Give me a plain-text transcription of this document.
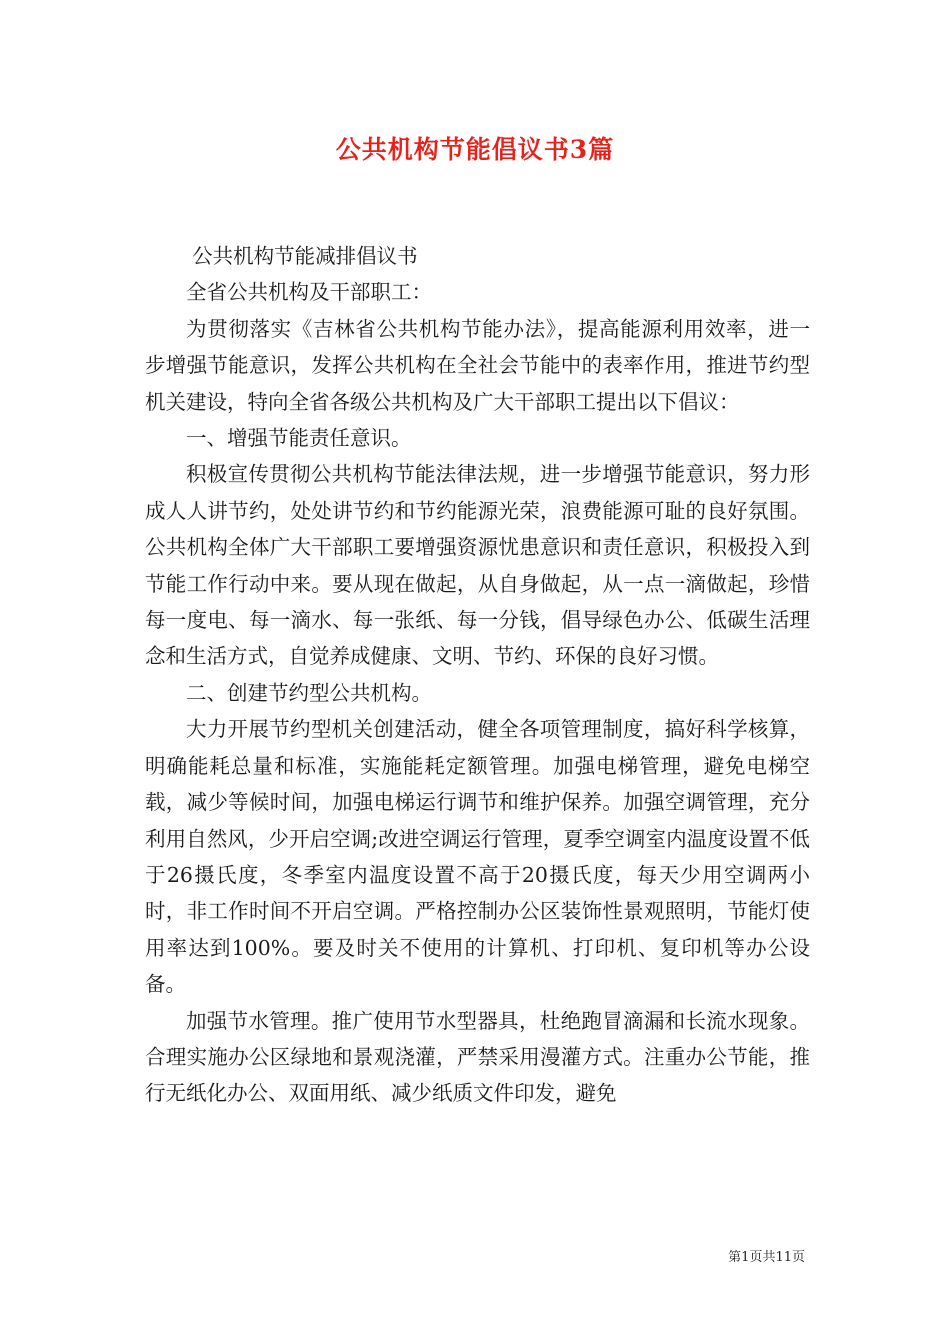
公共机构节能倡议书3篇

公共机构节能减排倡议书

全省公共机构及干部职工：

为贯彻落实《吉林省公共机构节能办法》，提高能源利用效率，进一步增强节能意识，发挥公共机构在全社会节能中的表率作用，推进节约型机关建设，特向全省各级公共机构及广大干部职工提出以下倡议：

一、增强节能责任意识。

积极宣传贯彻公共机构节能法律法规，进一步增强节能意识，努力形成人人讲节约，处处讲节约和节约能源光荣，浪费能源可耻的良好氛围。公共机构全体广大干部职工要增强资源忧患意识和责任意识，积极投入到节能工作行动中来。要从现在做起，从自身做起，从一点一滴做起，珍惜每一度电、每一滴水、每一张纸、每一分钱，倡导绿色办公、低碳生活理念和生活方式，自觉养成健康、文明、节约、环保的良好习惯。

二、创建节约型公共机构。

大力开展节约型机关创建活动，健全各项管理制度，搞好科学核算，明确能耗总量和标准，实施能耗定额管理。加强电梯管理，避免电梯空载，减少等候时间，加强电梯运行调节和维护保养。加强空调管理，充分利用自然风，少开启空调;改进空调运行管理，夏季空调室内温度设置不低于26摄氏度，冬季室内温度设置不高于20摄氏度，每天少用空调两小时，非工作时间不开启空调。严格控制办公区装饰性景观照明，节能灯使用率达到100%。要及时关不使用的计算机、打印机、复印机等办公设备。

加强节水管理。推广使用节水型器具，杜绝跑冒滴漏和长流水现象。合理实施办公区绿地和景观浇灌，严禁采用漫灌方式。注重办公节能，推行无纸化办公、双面用纸、减少纸质文件印发，避免

第1页共11页
